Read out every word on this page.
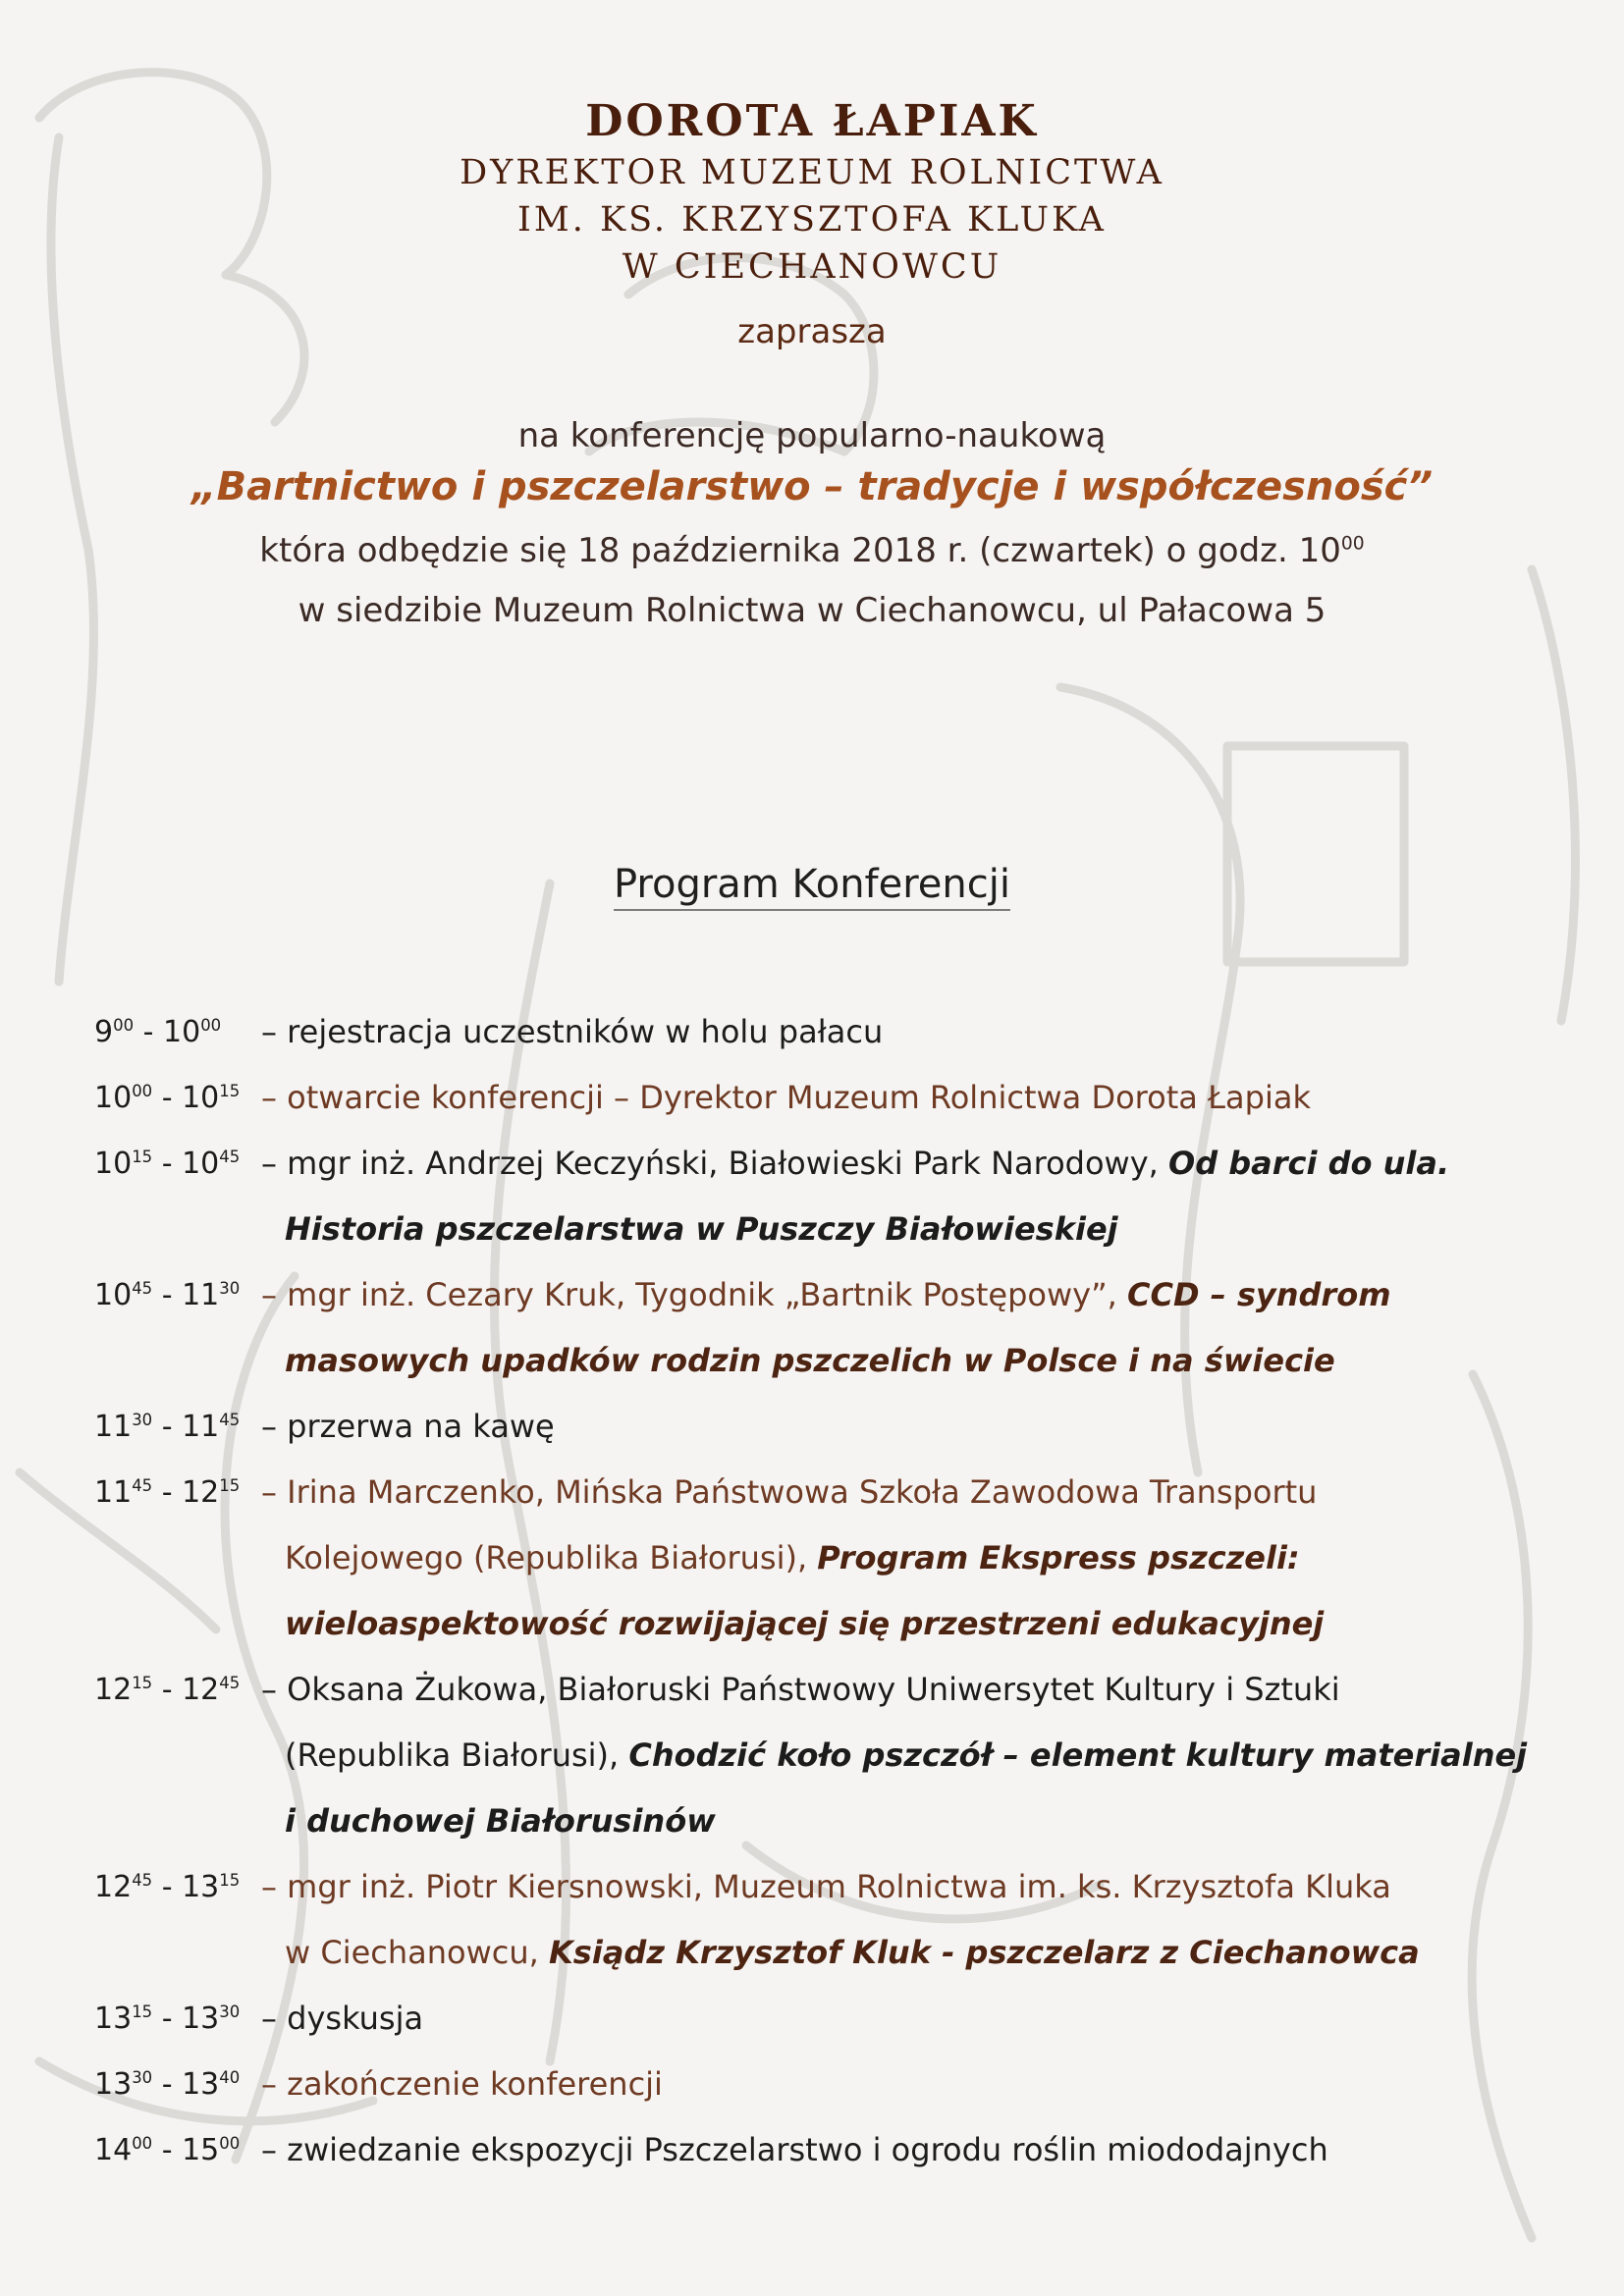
DOROTA ŁAPIAK
DYREKTOR MUZEUM ROLNICTWA
IM. KS. KRZYSZTOFA KLUKA
W CIECHANOWCU
zaprasza
na konferencję popularno-naukową
„Bartnictwo i pszczelarstwo – tradycje i współczesność”
która odbędzie się 18 października 2018 r. (czwartek) o godz. $10^{00}$
w siedzibie Muzeum Rolnictwa w Ciechanowcu, ul Pałacowa 5
Program Konferencji
$9^{00} - 10^{00}$	– rejestracja uczestników w holu pałacu
$10^{00} - 10^{15}$ – otwarcie konferencji – Dyrektor Muzeum Rolnictwa Dorota Łapiak
$10^{15} - 10^{45}$ – mgr inż. Andrzej Keczyński, Białowieski Park Narodowy, Od barci do ula.
Historia pszczelarstwa w Puszczy Białowieskiej
$10^{45} - 11^{30}$ – mgr inż. Cezary Kruk, Tygodnik „Bartnik Postępowy”, CCD – syndrom
masowych upadków rodzin pszczelich w Polsce i na świecie
$11^{30} - 11^{45}$ – przerwa na kawę
$11^{45} - 12^{15}$ – Irina Marczenko, Mińska Państwowa Szkoła Zawodowa Transportu
Kolejowego (Republika Białorusi), Program Ekspress pszczeli:
wieloaspektowość rozwijającej się przestrzeni edukacyjnej
$12^{15} - 12^{45}$ – Oksana Żukowa, Białoruski Państwowy Uniwersytet Kultury i Sztuki
(Republika Białorusi), Chodzić koło pszczół – element kultury materialnej
i duchowej Białorusinów
$12^{45} - 13^{15}$ – mgr inż. Piotr Kiersnowski, Muzeum Rolnictwa im. ks. Krzysztofa Kluka
w Ciechanowcu, Ksiądz Krzysztof Kluk - pszczelarz z Ciechanowca
$13^{15} - 13^{30}$ – dyskusja
$13^{30} - 13^{40}$ – zakończenie konferencji
$14^{00} - 15^{00}$ – zwiedzanie ekspozycji Pszczelarstwo i ogrodu roślin miododajnych
